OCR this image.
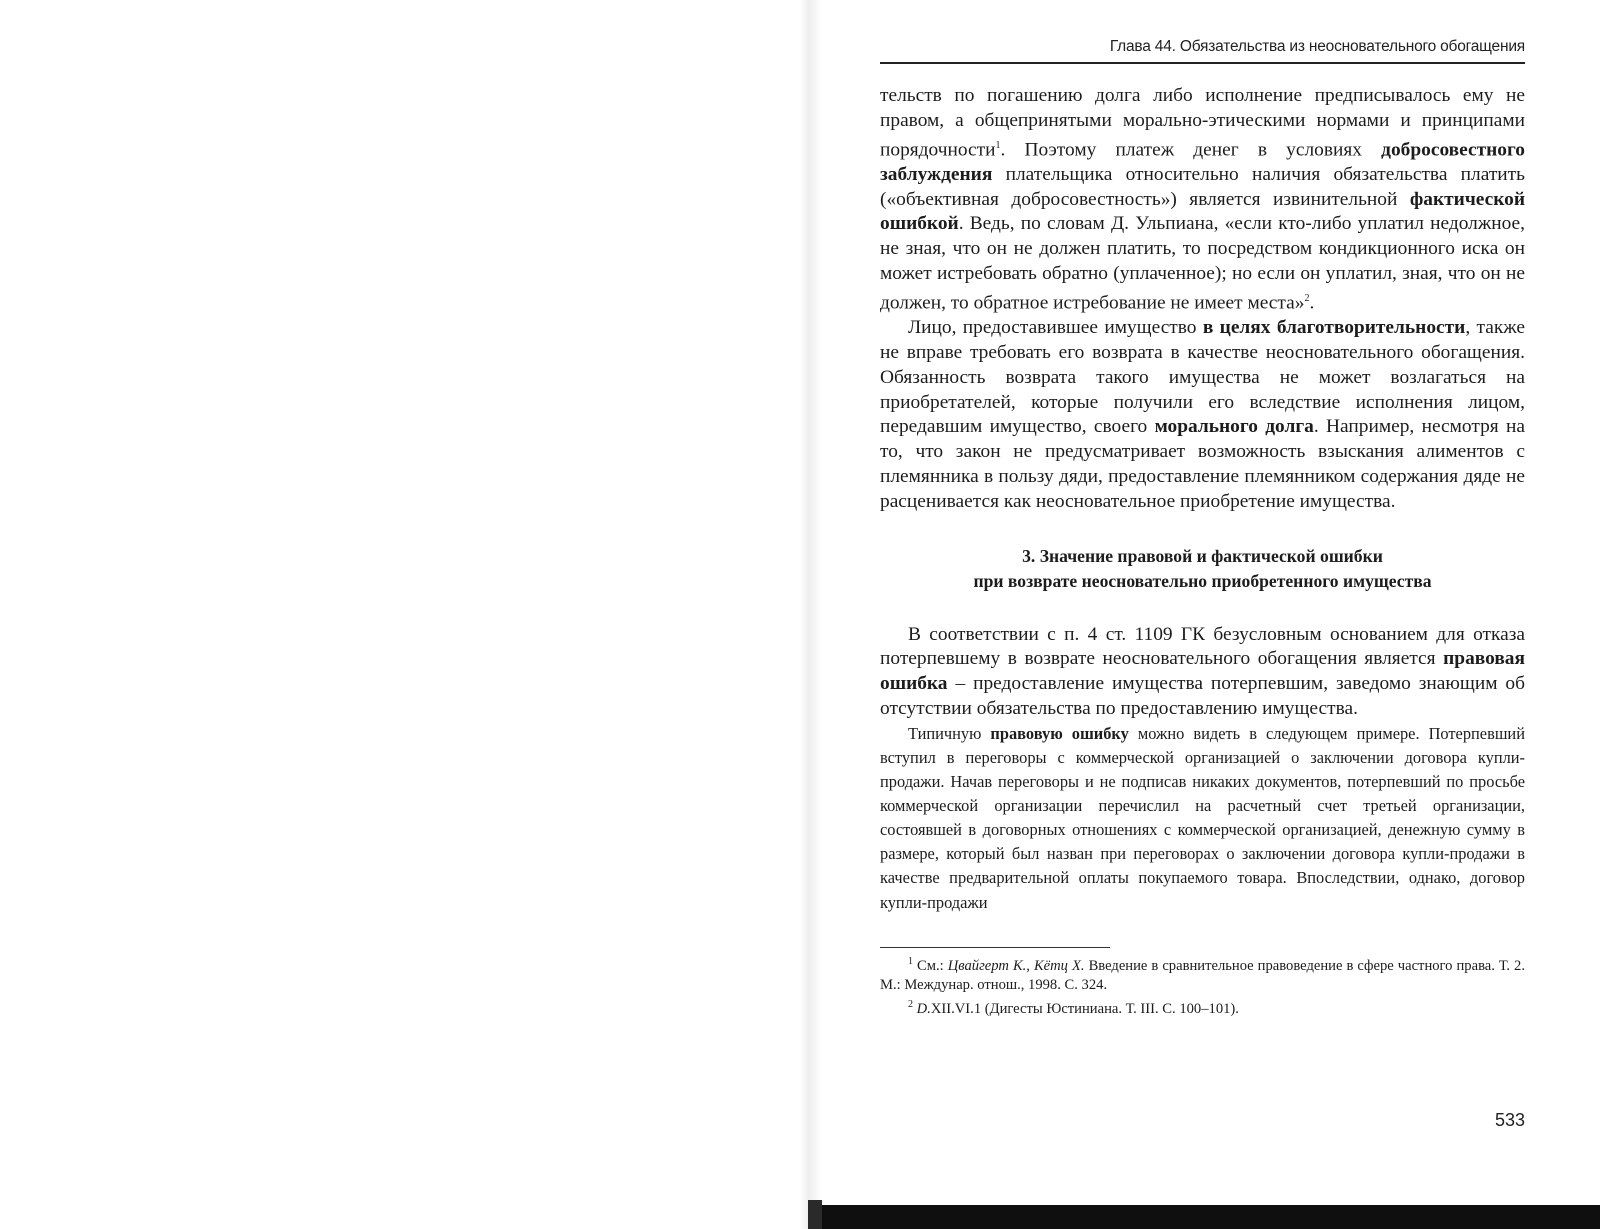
Глава 44. Обязательства из неосновательного обогащения

тельств по погашению долга либо исполнение предписывалось ему не правом, а общепринятыми морально-этическими нормами и принципами порядочности$^1$. Поэтому платеж денег в условиях добросовестного заблуждения плательщика относительно наличия обязательства платить («объективная добросовестность») является извинительной фактической ошибкой. Ведь, по словам Д. Ульпиана, «если кто-либо уплатил недолжное, не зная, что он не должен платить, то посредством кондикционного иска он может истребовать обратно (уплаченное); но если он уплатил, зная, что он не должен, то обратное истребование не имеет места»$^2$.

Лицо, предоставившее имущество в целях благотворительности, также не вправе требовать его возврата в качестве неосновательного обогащения. Обязанность возврата такого имущества не может возлагаться на приобретателей, которые получили его вследствие исполнения лицом, передавшим имущество, своего морального долга. Например, несмотря на то, что закон не предусматривает возможность взыскания алиментов с племянника в пользу дяди, предоставление племянником содержания дяде не расценивается как неосновательное приобретение имущества.

3. Значение правовой и фактической ошибки
при возврате неосновательно приобретенного имущества

В соответствии с п. 4 ст. 1109 ГК безусловным основанием для отказа потерпевшему в возврате неосновательного обогащения является правовая ошибка – предоставление имущества потерпевшим, заведомо знающим об отсутствии обязательства по предоставлению имущества.

Типичную правовую ошибку можно видеть в следующем примере. Потерпевший вступил в переговоры с коммерческой организацией о заключении договора купли-продажи. Начав переговоры и не подписав никаких документов, потерпевший по просьбе коммерческой организации перечислил на расчетный счет третьей организации, состоявшей в договорных отношениях с коммерческой организацией, денежную сумму в размере, который был назван при переговорах о заключении договора купли-продажи в качестве предварительной оплаты покупаемого товара. Впоследствии, однако, договор купли-продажи

$^1$ См.: Цвайгерт К., Кётц Х. Введение в сравнительное правоведение в сфере частного права. Т. 2. М.: Междунар. отнош., 1998. С. 324.

$^2$ D.XII.VI.1 (Дигесты Юстиниана. Т. III. С. 100–101).

533
